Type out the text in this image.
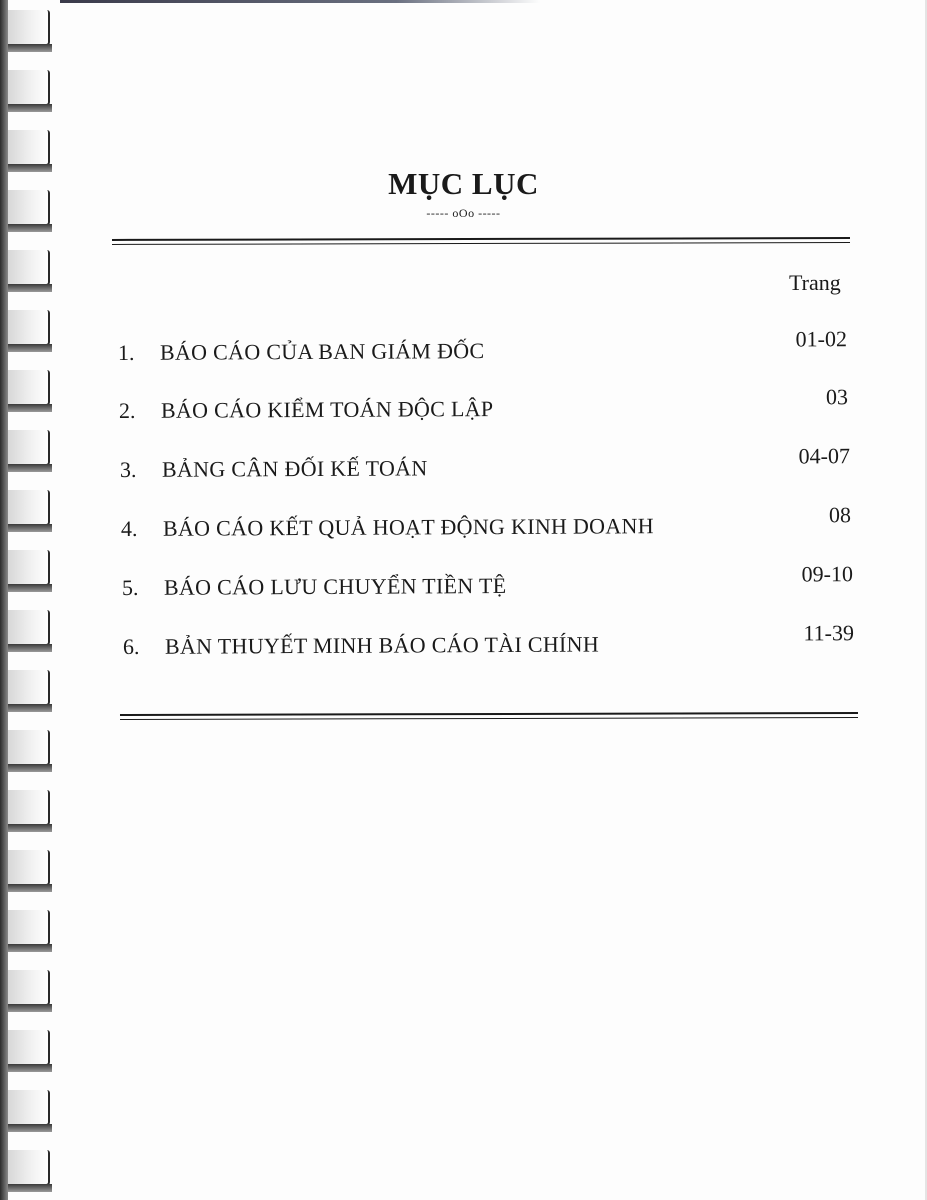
MỤC LỤC
----- oOo -----
Trang
1. BÁO CÁO CỦA BAN GIÁM ĐỐC	01-02
2. BÁO CÁO KIỂM TOÁN ĐỘC LẬP	03
3. BẢNG CÂN ĐỐI KẾ TOÁN	04-07
4. BÁO CÁO KẾT QUẢ HOẠT ĐỘNG KINH DOANH	08
5. BÁO CÁO LƯU CHUYỂN TIỀN TỆ	09-10
6. BẢN THUYẾT MINH BÁO CÁO TÀI CHÍNH	11-39
